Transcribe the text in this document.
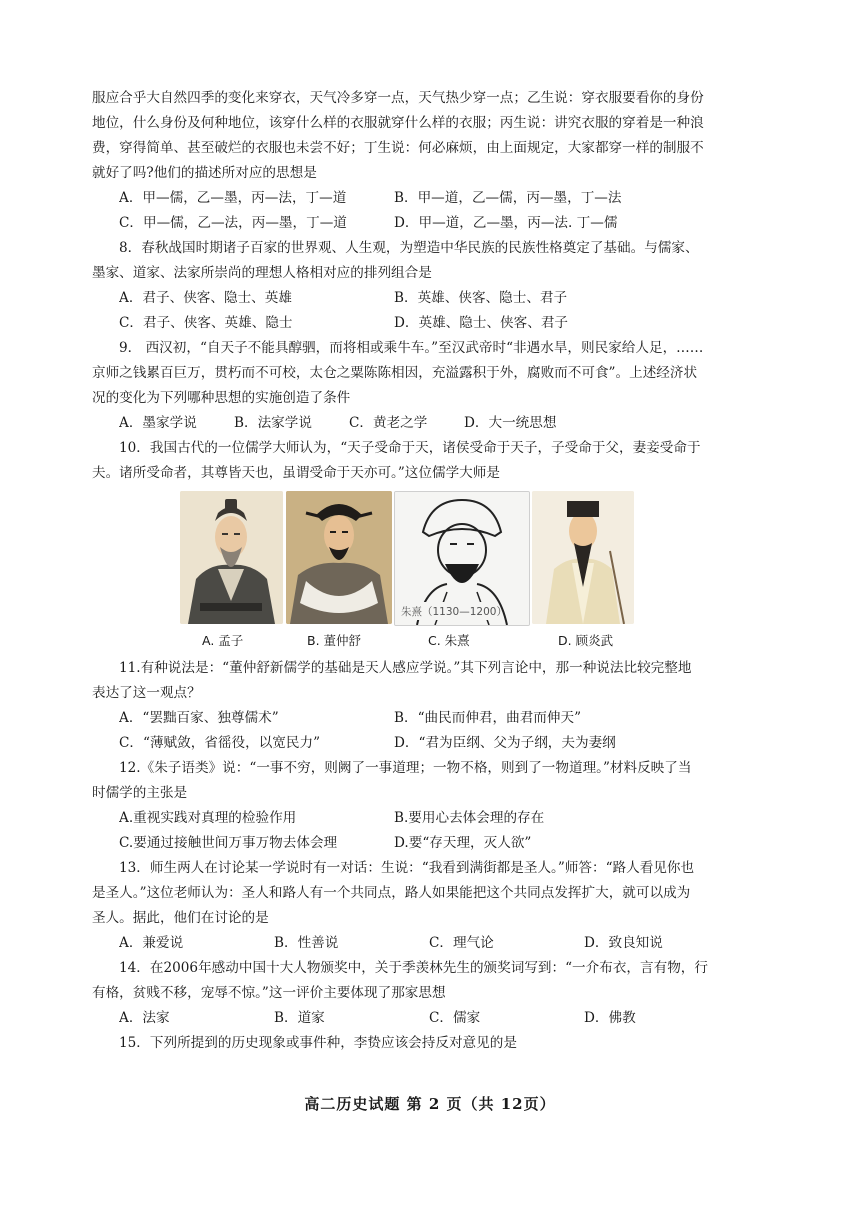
服应合乎大自然四季的变化来穿衣，天气冷多穿一点，天气热少穿一点；乙生说：穿衣服要看你的身份
地位，什么身份及何种地位，该穿什么样的衣服就穿什么样的衣服；丙生说：讲究衣服的穿着是一种浪
费，穿得简单、甚至破烂的衣服也未尝不好；丁生说：何必麻烦，由上面规定，大家都穿一样的制服不
就好了吗?他们的描述所对应的思想是
A．甲—儒，乙—墨，丙—法，丁—道	B．甲—道，乙—儒，丙—墨，丁—法
C．甲—儒，乙—法，丙—墨，丁—道	D．甲—道，乙—墨，丙—法. 丁—儒
8．春秋战国时期诸子百家的世界观、人生观，为塑造中华民族的民族性格奠定了基础。与儒家、
墨家、道家、法家所崇尚的理想人格相对应的排列组合是
A．君子、侠客、隐士、英雄	B．英雄、侠客、隐士、君子
C．君子、侠客、英雄、隐士	D．英雄、隐士、侠客、君子
9． 西汉初，“自天子不能具醇驷，而将相或乘牛车。”至汉武帝时“非遇水旱，则民家给人足，……
京师之钱累百巨万，贯朽而不可校，太仓之粟陈陈相因，充溢露积于外，腐败而不可食”。上述经济状
况的变化为下列哪种思想的实施创造了条件
A．墨家学说	B．法家学说	C．黄老之学	D．大一统思想
10．我国古代的一位儒学大师认为，“天子受命于天，诸侯受命于天子，子受命于父，妻妾受命于
夫。诸所受命者，其尊皆天也，虽谓受命于天亦可。”这位儒学大师是
朱熹（1130—1200）
A. 孟子	B. 董仲舒	C. 朱熹	D. 顾炎武
11.有种说法是：“董仲舒新儒学的基础是天人感应学说。”其下列言论中，那一种说法比较完整地
表达了这一观点？
A．“罢黜百家、独尊儒术”	B．“曲民而伸君，曲君而伸天”
C．“薄赋敛，省徭役，以宽民力”	D．“君为臣纲、父为子纲，夫为妻纲
12.《朱子语类》说：“一事不穷，则阙了一事道理；一物不格，则到了一物道理。”材料反映了当
时儒学的主张是
A.重视实践对真理的检验作用	B.要用心去体会理的存在
C.要通过接触世间万事万物去体会理	D.要“存天理，灭人欲”
13．师生两人在讨论某一学说时有一对话：生说：“我看到满街都是圣人。”师答：“路人看见你也
是圣人。”这位老师认为：圣人和路人有一个共同点，路人如果能把这个共同点发挥扩大，就可以成为
圣人。据此，他们在讨论的是
A．兼爱说	B．性善说	C．理气论	D．致良知说
14．在2006年感动中国十大人物颁奖中，关于季羡林先生的颁奖词写到：“一介布衣，言有物，行
有格，贫贱不移，宠辱不惊。”这一评价主要体现了那家思想
A．法家	B．道家	C．儒家	D．佛教
15．下列所提到的历史现象或事件种，李贽应该会持反对意见的是
高二历史试题 第 2 页（共 12页）
